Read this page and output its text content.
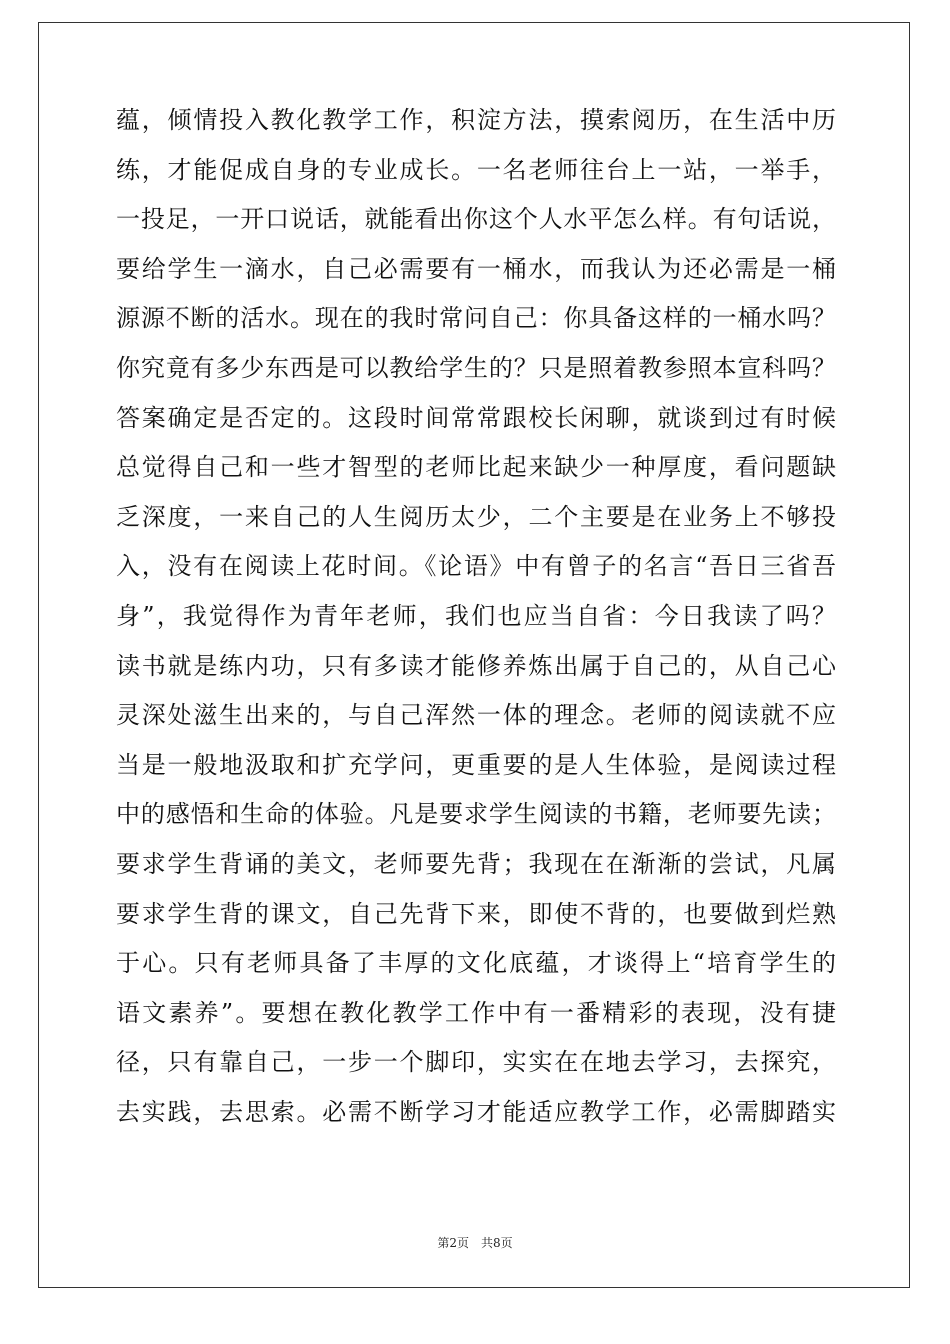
蕴，倾情投入教化教学工作，积淀方法，摸索阅历，在生活中历
练，才能促成自身的专业成长。一名老师往台上一站，一举手，
一投足，一开口说话，就能看出你这个人水平怎么样。有句话说，
要给学生一滴水，自己必需要有一桶水，而我认为还必需是一桶
源源不断的活水。现在的我时常问自己：你具备这样的一桶水吗？
你究竟有多少东西是可以教给学生的？只是照着教参照本宣科吗？
答案确定是否定的。这段时间常常跟校长闲聊，就谈到过有时候
总觉得自己和一些才智型的老师比起来缺少一种厚度，看问题缺
乏深度，一来自己的人生阅历太少，二个主要是在业务上不够投
入，没有在阅读上花时间。《论语》中有曾子的名言“吾日三省吾
身”，我觉得作为青年老师，我们也应当自省：今日我读了吗？
读书就是练内功，只有多读才能修养炼出属于自己的，从自己心
灵深处滋生出来的，与自己浑然一体的理念。老师的阅读就不应
当是一般地汲取和扩充学问，更重要的是人生体验，是阅读过程
中的感悟和生命的体验。凡是要求学生阅读的书籍，老师要先读；
要求学生背诵的美文，老师要先背；我现在在渐渐的尝试，凡属
要求学生背的课文，自己先背下来，即使不背的，也要做到烂熟
于心。只有老师具备了丰厚的文化底蕴，才谈得上“培育学生的
语文素养”。要想在教化教学工作中有一番精彩的表现，没有捷
径，只有靠自己，一步一个脚印，实实在在地去学习，去探究，
去实践，去思索。必需不断学习才能适应教学工作，必需脚踏实
第2页 共8页
